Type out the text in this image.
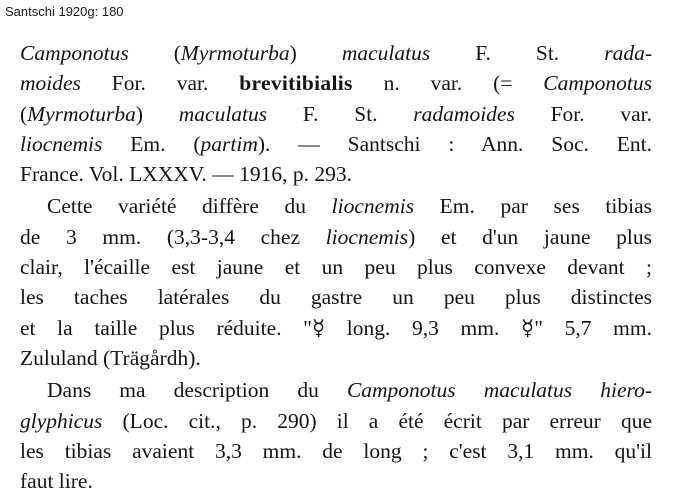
Santschi 1920g: 180

Camponotus (Myrmoturba) maculatus F. St. rada-
moides For. var. brevitibialis n. var. (= Camponotus
(Myrmoturba) maculatus F. St. radamoides For. var.
liocnemis Em. (partim). — Santschi : Ann. Soc. Ent.
France. Vol. LXXXV. — 1916, p. 293.
Cette variété diffère du liocnemis Em. par ses tibias
de 3 mm. (3,3-3,4 chez liocnemis) et d'un jaune plus
clair, l'écaille est jaune et un peu plus convexe devant ;
les taches latérales du gastre un peu plus distinctes
et la taille plus réduite. "☿ long. 9,3 mm. ☿" 5,7 mm.
Zululand (Trägårdh).
Dans ma description du Camponotus maculatus hiero-
glyphicus (Loc. cit., p. 290) il a été écrit par erreur que
les tibias avaient 3,3 mm. de long ; c'est 3,1 mm. qu'il
faut lire.
